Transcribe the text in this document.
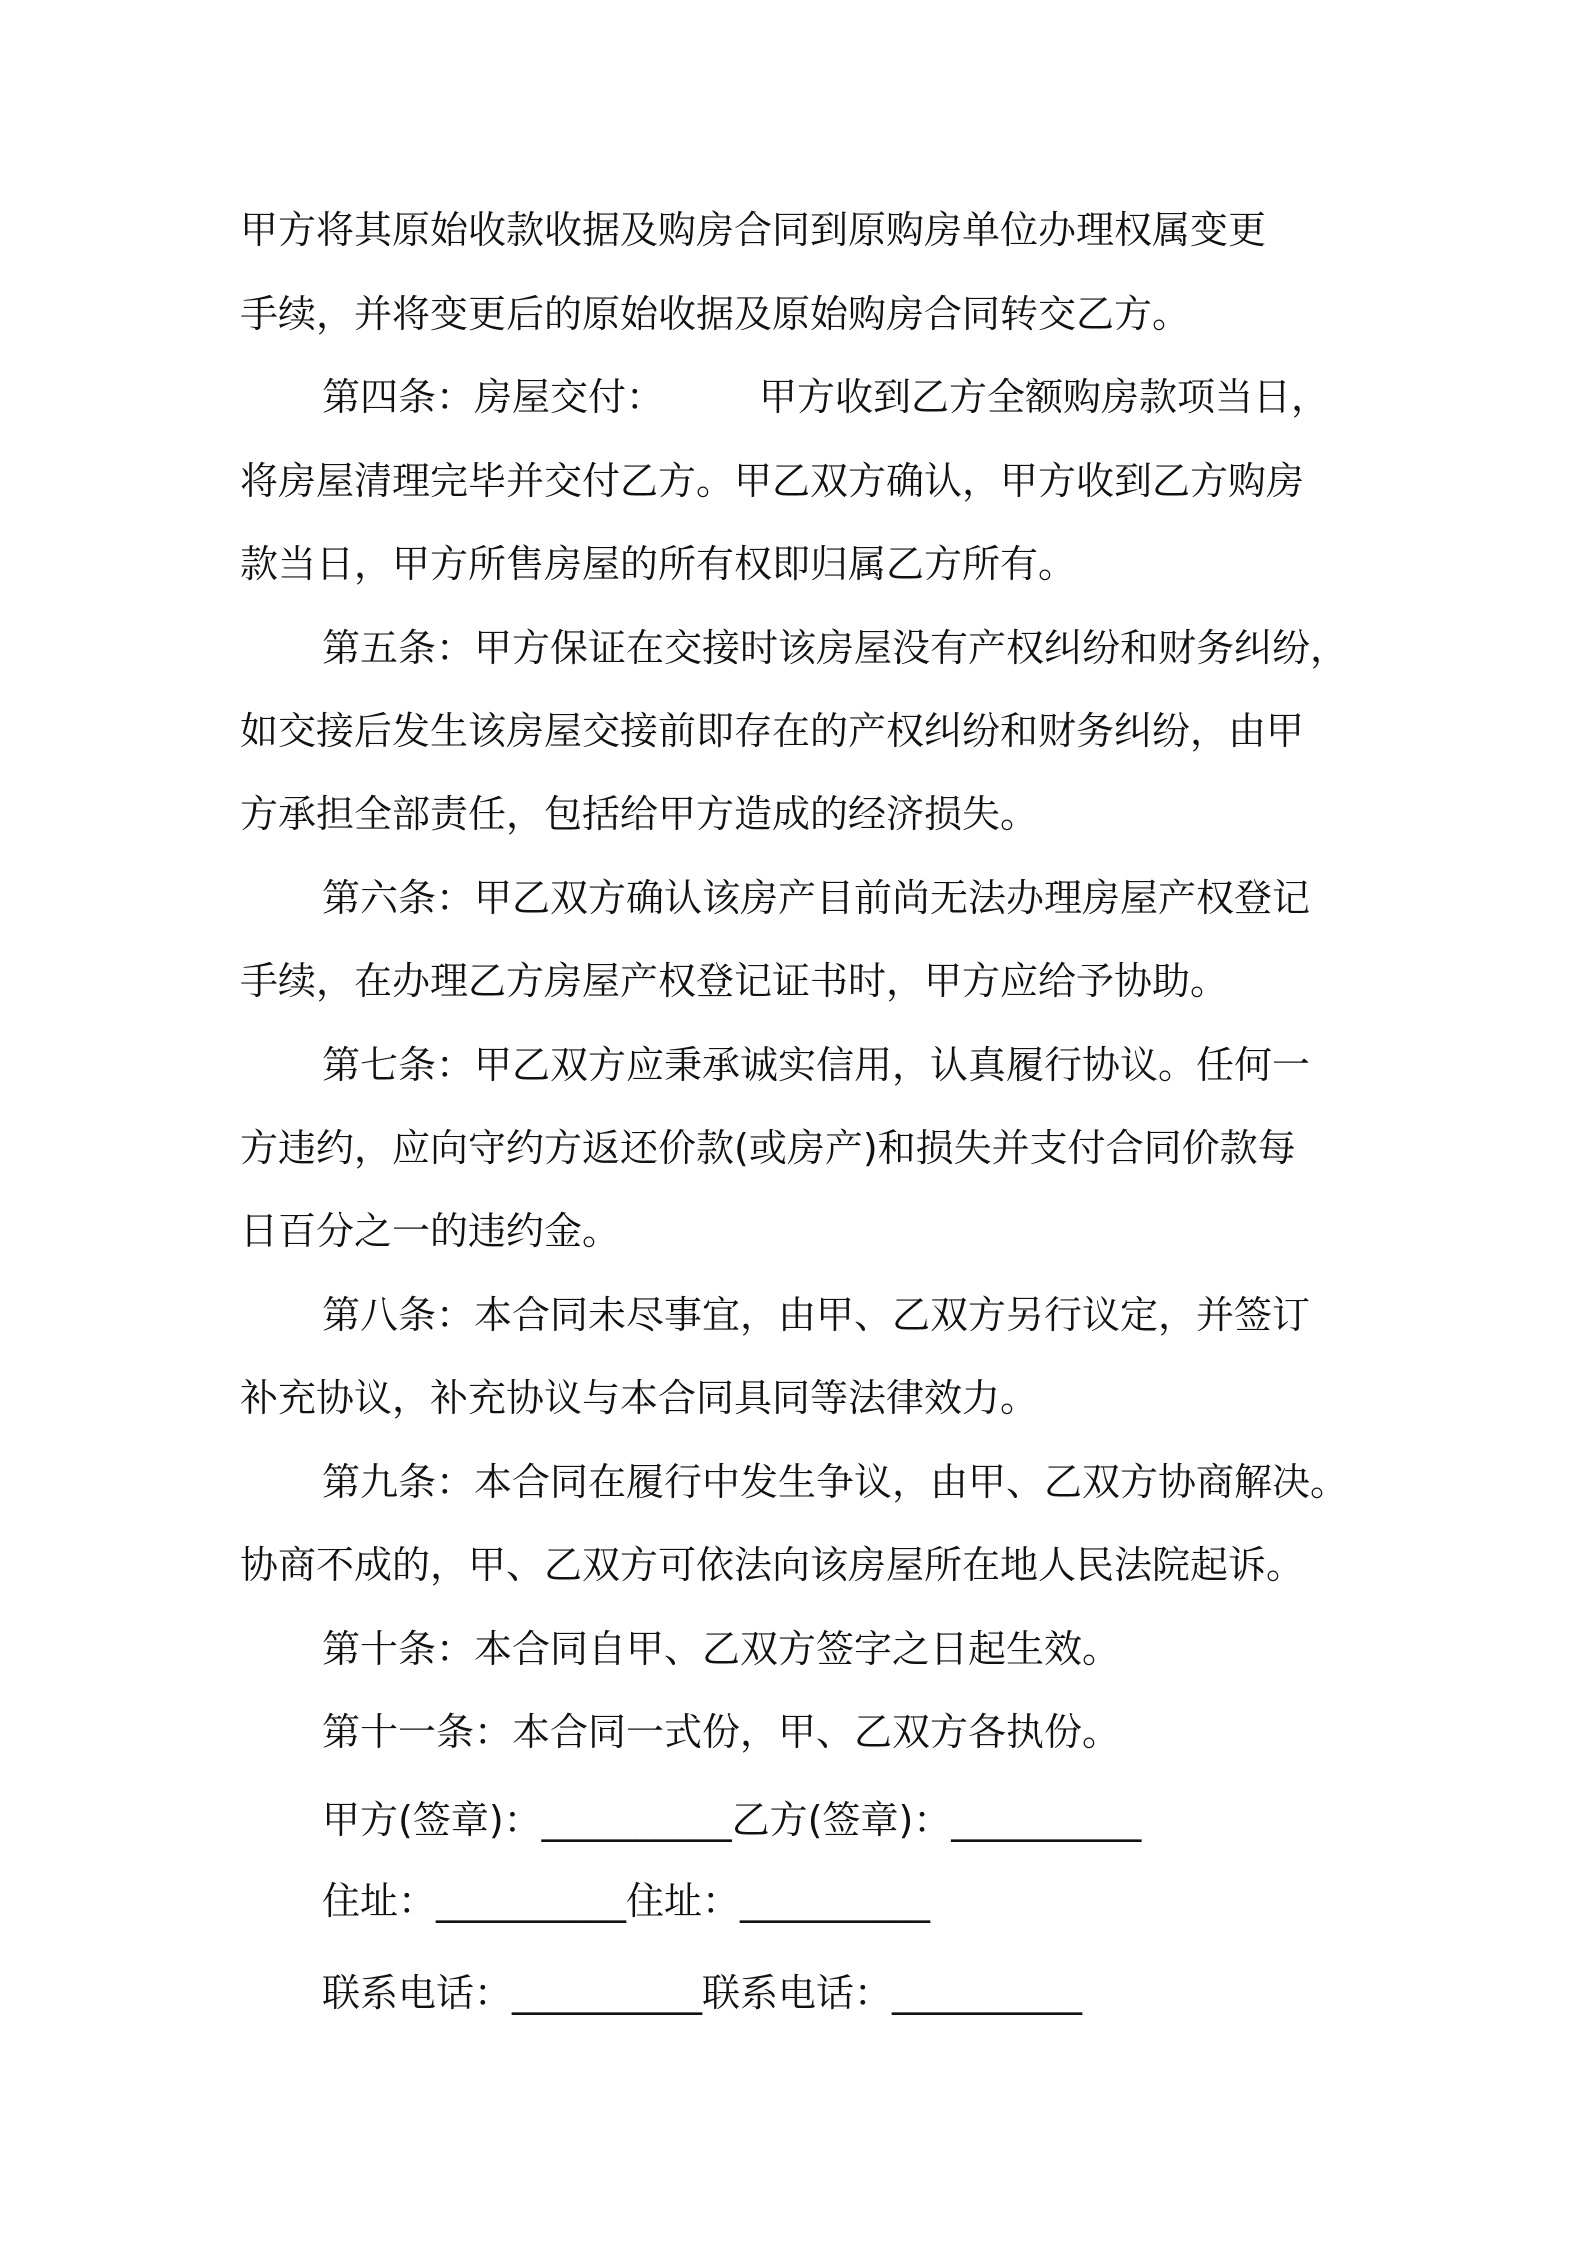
甲方将其原始收款收据及购房合同到原购房单位办理权属变更
手续，并将变更后的原始收据及原始购房合同转交乙方。
第四条：房屋交付：　　　甲方收到乙方全额购房款项当日，
将房屋清理完毕并交付乙方。甲乙双方确认，甲方收到乙方购房
款当日，甲方所售房屋的所有权即归属乙方所有。
第五条：甲方保证在交接时该房屋没有产权纠纷和财务纠纷，
如交接后发生该房屋交接前即存在的产权纠纷和财务纠纷，由甲
方承担全部责任，包括给甲方造成的经济损失。
第六条：甲乙双方确认该房产目前尚无法办理房屋产权登记
手续，在办理乙方房屋产权登记证书时，甲方应给予协助。
第七条：甲乙双方应秉承诚实信用，认真履行协议。任何一
方违约，应向守约方返还价款(或房产)和损失并支付合同价款每
日百分之一的违约金。
第八条：本合同未尽事宜，由甲、乙双方另行议定，并签订
补充协议，补充协议与本合同具同等法律效力。
第九条：本合同在履行中发生争议，由甲、乙双方协商解决。
协商不成的，甲、乙双方可依法向该房屋所在地人民法院起诉。
第十条：本合同自甲、乙双方签字之日起生效。
第十一条：本合同一式份，甲、乙双方各执份。
甲方(签章)：__________乙方(签章)：__________
住址：__________住址：__________
联系电话：__________联系电话：__________
